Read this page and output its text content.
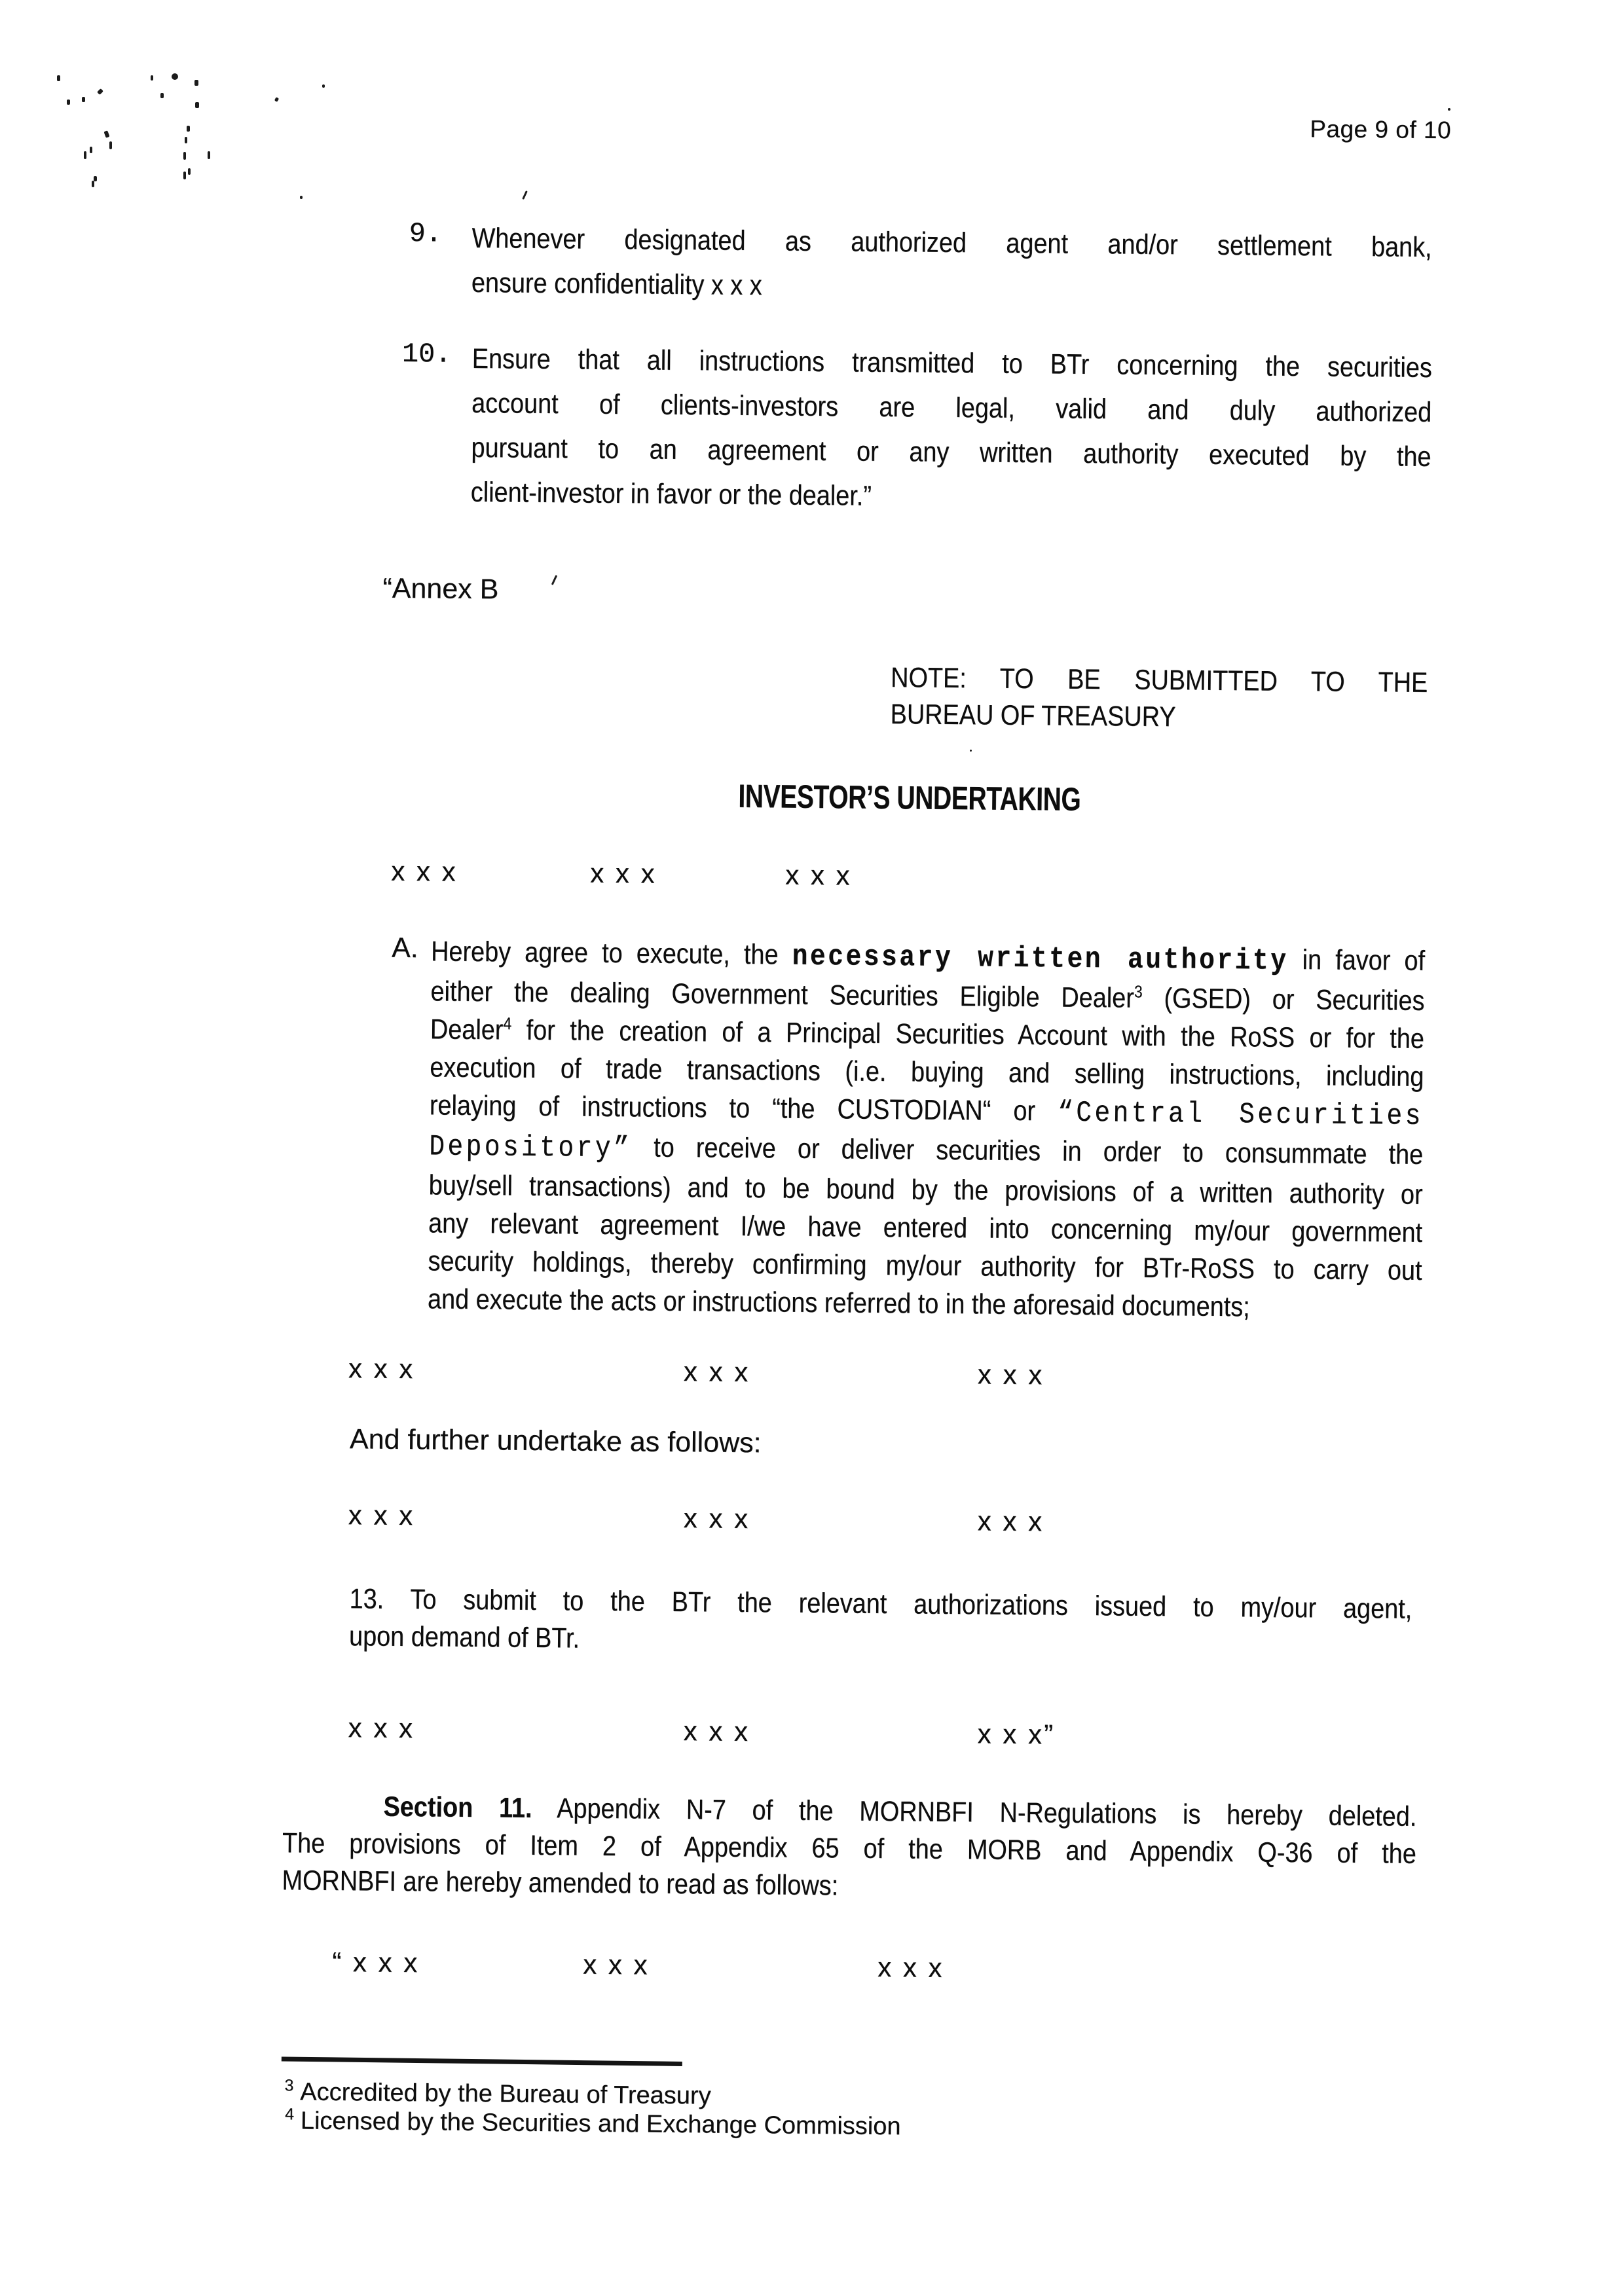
Page 9 of 10
9. Whenever designated as authorized agent and/or settlement bank,
ensure confidentiality x x x
10. Ensure that all instructions transmitted to BTr concerning the securities
account of clients-investors are legal, valid and duly authorized
pursuant to an agreement or any written authority executed by the
client-investor in favor or the dealer.”
“Annex B
NOTE: TO BE SUBMITTED TO THE
BUREAU OF TREASURY
INVESTOR’S UNDERTAKING
x x x	x x x	x x x
A. Hereby agree to execute, the necessary written authority in favor of
either the dealing Government Securities Eligible Dealer$^3$ (GSED) or Securities
Dealer$^4$ for the creation of a Principal Securities Account with the RoSS or for the
execution of trade transactions (i.e. buying and selling instructions, including
relaying of instructions to “the CUSTODIAN“ or “Central Securities
Depository” to receive or deliver securities in order to consummate the
buy/sell transactions) and to be bound by the provisions of a written authority or
any relevant agreement I/we have entered into concerning my/our government
security holdings, thereby confirming my/our authority for BTr-RoSS to carry out
and execute the acts or instructions referred to in the aforesaid documents;
x x x	x x x	x x x
And further undertake as follows:
x x x	x x x	x x x
13. To submit to the BTr the relevant authorizations issued to my/our agent,
upon demand of BTr.
x x x	x x x	x x x”
Section 11. Appendix N-7 of the MORNBFI N-Regulations is hereby deleted.
The provisions of Item 2 of Appendix 65 of the MORB and Appendix Q-36 of the
MORNBFI are hereby amended to read as follows:
“ x x x	x x x	x x x
$^3$ Accredited by the Bureau of Treasury
$^4$ Licensed by the Securities and Exchange Commission
